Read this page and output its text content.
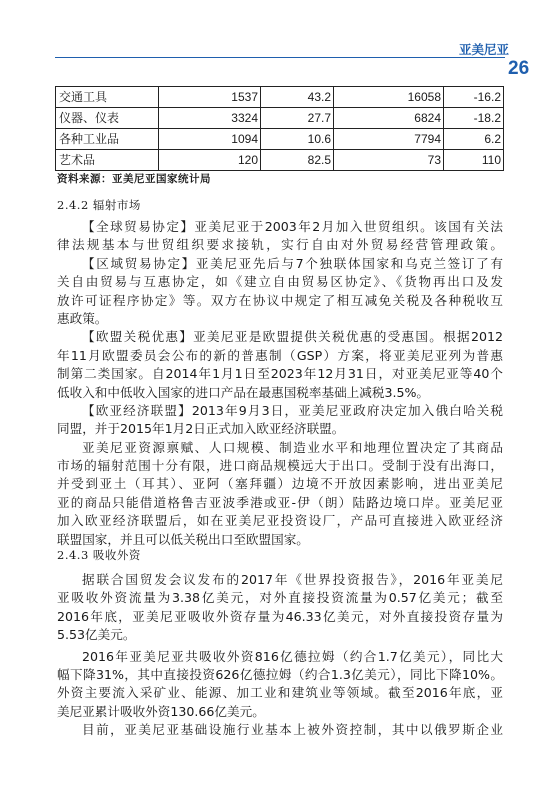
亚美尼亚
26
交通工具	1537	43.2	16058	-16.2
仪器、仪表	3324	27.7	6824	-18.2
各种工业品	1094	10.6	7794	6.2
艺术品	120	82.5	73	110
资料来源：亚美尼亚国家统计局
2.4.2 辐射市场
【全球贸易协定】亚美尼亚于2003年2月加入世贸组织。该国有关法
律法规基本与世贸组织要求接轨，实行自由对外贸易经营管理政策。
【区域贸易协定】亚美尼亚先后与7个独联体国家和乌克兰签订了有
关自由贸易与互惠协定，如《建立自由贸易区协定》、《货物再出口及发
放许可证程序协定》等。双方在协议中规定了相互减免关税及各种税收互
惠政策。
【欧盟关税优惠】亚美尼亚是欧盟提供关税优惠的受惠国。根据2012
年11月欧盟委员会公布的新的普惠制（GSP）方案，将亚美尼亚列为普惠
制第二类国家。自2014年1月1日至2023年12月31日，对亚美尼亚等40个
低收入和中低收入国家的进口产品在最惠国税率基础上减税3.5%。
【欧亚经济联盟】2013年9月3日，亚美尼亚政府决定加入俄白哈关税
同盟，并于2015年1月2日正式加入欧亚经济联盟。
亚美尼亚资源禀赋、人口规模、制造业水平和地理位置决定了其商品
市场的辐射范围十分有限，进口商品规模远大于出口。受制于没有出海口，
并受到亚土（耳其）、亚阿（塞拜疆）边境不开放因素影响，进出亚美尼
亚的商品只能借道格鲁吉亚波季港或亚-伊（朗）陆路边境口岸。亚美尼亚
加入欧亚经济联盟后，如在亚美尼亚投资设厂，产品可直接进入欧亚经济
联盟国家，并且可以低关税出口至欧盟国家。
2.4.3 吸收外资
据联合国贸发会议发布的2017年《世界投资报告》，2016年亚美尼
亚吸收外资流量为3.38亿美元，对外直接投资流量为0.57亿美元；截至
2016年底，亚美尼亚吸收外资存量为46.33亿美元，对外直接投资存量为
5.53亿美元。
2016年亚美尼亚共吸收外资816亿德拉姆（约合1.7亿美元），同比大
幅下降31%，其中直接投资626亿德拉姆（约合1.3亿美元），同比下降10%。
外资主要流入采矿业、能源、加工业和建筑业等领域。截至2016年底，亚
美尼亚累计吸收外资130.66亿美元。
目前，亚美尼亚基础设施行业基本上被外资控制，其中以俄罗斯企业
